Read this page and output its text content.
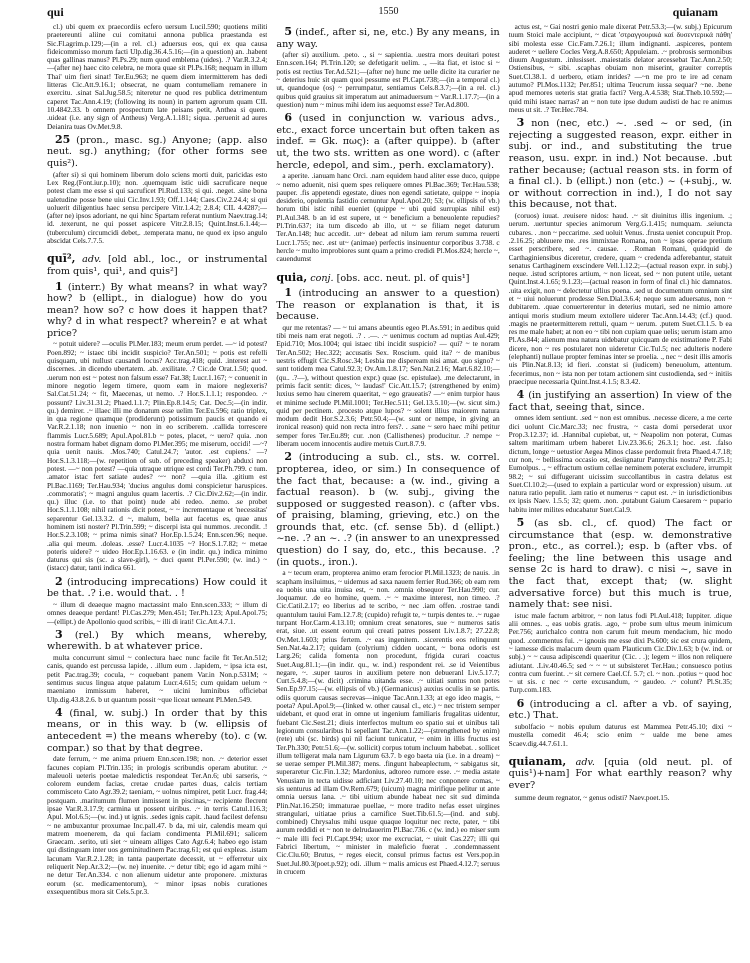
qui	1550	quianam

cl.) ubi quem ex praecordiis ecfero uersum Lucil.590; quotiens militi praetereunti aliine cui comitatui annona publica praestanda est Sic.Fl.agrim.p.129;—(in a rel. cl.) aduersus eos, qui ex qua causa fideicommisso morum facti Ulp.dig.36.4.5.16;—(in a question) an. .habent quas gallinas manus? Pl.Ps.29; num quod emblema (uides). .? Var.R.3.2.4;—(after ne) haec cito celebra, ne mora quae sit Pl.Ps.168; nequam in illum Thai' uim fieri sinat! Ter.Eu.963; ne quem diem intermitterem has dedi litteras Cic.Att.9.16.1; obsecrat, ne quam contumeliam remanere in exercitu. .sinat Sal.Jug.58.5; niteretur ne quod res publica detrimentum caperet Tac.Ann.4.19; (following its noun) in partem agrorum quam CIL 10.4842.33. b omnem prospectum late peisans petit, Anthea si quem. .uideat (i.e. any sign of Antheus) Verg.A.1.181; siqua. .peruenit ad aures Deianira tuas Ov.Met.9.8.

25 (pron., masc. sg.) Anyone; (app. also neut. sg.) anything; (for other forms see quis²).

(after si) si qui hominem liberum dolo sciens morti duit, paricidas esto Lex Reg.(Font.iur.p.10); non. .quemquam istic uidi sacruficare neque potest clam me esse si qui sacruficet Pl.Rud.133; si qui. .neget. .sine bona ualetudine posse bene uiui Cic.Inv.1.93; Off.1.144; Caes.Civ.2.24.4; si qui uoluerit diligentius haec sensu percipere Vitr.1.4.2; 2.8.4; CIL 4.4287;—(after ne) ipsos adoriant, ne qui hinc Spartam referat nuntium Naev.trag.14; id. .texerunt, ne qui posset aspicere Vitr.2.8.15; Quint.Inst.6.1.44;—(tuberculum) circumcidi debet,. .temperata manu, ne quod ex ipso angulo abscidat Cels.7.7.5.

quī², adv. [old abl., loc., or instrumental from quis¹, qui¹, and quis²]

1 (interr.) By what means? in what way? how? b (ellipt., in dialogue) how do you mean? how so? c how does it happen that? why? d in what respect? wherein? e at what price?

~ potuit uidere? —oculis Pl.Mer.183; meum erum perdet. —~ id potest? Poen.892; ~ istaec tibi incidit suspicio? Ter.An.501; ~ potis est refelli quisquam, ubi nullust causandi locus? Acc.trag.418; quid. .interest aut ~ discernes. .in dicendo ubertatem. .ab. .exilitate. .? Cic.de Orat.1.50; quod. .uerum non est ~ potest non falsum esse? Fat.38; Lucr.1.167; ~ conuenit in minore negotio legem timere, quom eam in maiore neglexeris? Sal.Cat.51.24; ~ fit, Maecenas, ut nemo. .? Hor.S.1.1.1; respondeo. .~ possunt? Liv.31.31.2; Phaed.1.1.7; Plin.Ep.8.14.5; Cat. Dec.5;—(in indir. qu.) demirer. .~ illaec illi me donatum esse uelim Ter.Eu.596; ratio triplex, in qua regione quamque (prodiderunt) potissimum paucis et quando ei Var.R.2.1.18; non inuenio ~ non in eo scriberem. .callida torrescere flammis Lucr.5.689; Apul.Apol.81.b ~ potes, placet, ~ uero? quia. .non nostra formam habet dignam domo Pl.Mer.395; me miserum, occidi! —~? quia uenit nauis. .Mos.740; Catul.24.7; 'autor. .est cupiens.' —? Hor.S.1.3.118;—(w. repetition of sub. of preceding speaker) abduxi non potest. —~ non potest? —quia utraque utrique est cordi Ter.Ph.799. c tum. .amator istac fert satiate audes? ~~ non? —quia illa. .gitium est Pl.Bac.1169; Ter.Hau.934; 'ducius angulus domi conspicietur haruspices. .commoratis'; ~ magni angulus quam lacertis. .? Cic.Div.2.62;—(in indir. qu.) illuc (i.e. to that point) nude abi redeo. .nemo. .se probet Hor.S.1.1.108; nihil rationis dicit potest, ~ ~ incrementaque et 'necessitas' separentur Gel.13.3.2. d ~, malum, bella aut facetus es, quae anus hominem isti noster? Pl.Trin.599; ~ discerpi ista qui nummos. .recondit. .! Hor.S.2.3.108; ~ prima nimis sinat? Hor.Ep.1.5.24; Enn.scen.96; neque. .alia qui meum. .doleas. .esse? Lucr.4.1035 ~? Hor.S.1.7.82; ~ metae poteris uidere? ~ uideo Hor.Ep.1.16.63. e (in indir. qu.) indica minimo daturus qui sis (sc. a slave-girl), ~ duci quent Pl.Per.590; (w. ind.) ~ (istacc) datur, tanti indica 661.

2 (introducing imprecations) How could it be that. .? i.e. would that. . !

~ illum di deaeque magno mactassint malo Enn.scen.333; ~ illum di omnes deaeque perdant! Pl.Cas.279; Men.451; Ter.Ph.123; Apul.Apol.75;—(ellipt.) de Apollonio quod scribis, ~ illi di irati! Cic.Att.4.7.1.

3 (rel.) By which means, whereby, wherewith. b at whatever price.

multa concurrunt simul ~ conlectura haec nunc facile fit Ter.An.512; canis, quando est percussa lapide, . .illum eum . .lapidem, ~ ipsa icta est, petit Pac.trag.39; cocula, ~ coquebant panem Var.in Non.p.531M; ~ sentimus sucus lingua atque palatum Lucr.4.615; cum quidam uelum ~ maeniano immissum haberet, ~ uicini luminibus officiebat Ulp.dig.43.8.2.6. b ut quantum possit ~que liceat ueneant Pl.Men.549.

4 (final, w. subj.) In order that by this means, or in this way. b (w. ellipsis of antecedent =) the means whereby (to). c (w. compar.) so that by that degree.

date ferrum, ~ me anima priuem Enn.scen.198; non. .~ deterior esset facunes copiam Pl.Trin.135; in prologis scribundis operam abutitur. .~ maleuoli ueteris poetae maledictis respondeat Ter.An.6; ubi sarseris, ~ colorem eundem facias, cretae crudae partes duas, calcis tertiam commisceto Cato Agr.39.2; taeniam, ~ uolnus nimpiret, petit Lucr. frag.44; postquam. .maritumum flumen inmissent in piscinas,~ recipiente flecrent ipsae Var.R.3.17.9; carmina ut possent uiribus. .~ in terris Catul.116.3; Apul. Mol.6.5;—(w. ind.) ut ignis. .sedes ignis capit. .haud facilest defensu ~ ne ambuxantur proxumae Inc.pall.47. b da, mi uir, calendis meam qui matrem moenerem, da qui faciam condimenta Pl.Mil.691; salicem Graecam. .serito, uti siet ~ uineam alliges Cato Agr.6.4; habeo ego istam qui distinguam inter uos geminitudinem Pac.trag.61; est qui expleas. .istam lacunam Var.R.2.1.28; in tanta paupertate decessit, ut ~ efferretur uix reliquerit Nep.Ar.3.2;—(w. ne) inuenite. .~ detur tibi; ego id agam mihi ~ ne detur Ter.An.334. c non alienum uidetur ante proponere. .mixturas eorum (sc. medicamentorum), ~ minor ipsas nobis curationes exsequentibus mora sit Cels.5.pr.3.

5 (indef., after si, ne, etc.) By any means, in any way.

(after si) auxilium. .peto. ., si ~ sapientia. .uestra mors deuitari potest Enn.scen.164; Pl.Trin.120; se defetigarit uelim. ., —ita fiat, et istoc si ~ potis est rectius Ter.Ad.521;—(after ne) hunc me uelle dicite ita curarier ne ~ deterius huic sit quam quoi pessume est Pl.Capt.738;—(in a temporal cl.) ut, quandoque (os) ~ perrumpatur, sentiamus Cels.8.3.7;—(in a rel. cl.) quibus quid grauius sit imperatum aut animaduersum ~ Var.R.1.17.7;—(in a question) num ~ minus mihi idem ius aequomst esse? Ter.Ad.800.

6 (used in conjunction w. various advs., etc., exact force uncertain but often taken as indef. = Gk. πως): a (after quippe). b (after ut, the two sts. written as one word). c (after hercle, edepol, and sim., perh. exclamatory).

a aperite. .ianuam hanc Orci. .nam equidem haud aliter esse duco, quippe ~ nemo aduenit, nisi quem spes reliquere omnes Pl.Bac.369; Ter.Hau.538; pauper. .fis appetendi egestate, diues non egendi satietate, quippe ~ inopia desiderio, opulentia fastidio cernuntur Apul.Apol.20; 53; (w. ellipsis of vb.) horum tibi istic nihil eueniet (quippe ~ ubi quid surrupias nihil est) Pl.Aul.348. b an id est supere, ut ~ beneficium a beneuolente repudies? Pl.Trin.637; ita tum discedo ab illo, ut ~ se filiam neget daturum Ter.An.148; huc accedit. .ut~ debeat ad nilum iam rerum summa reuerti Lucr.1.755; nec. .est ut~ (animae) perfectis insinuentur corporibus 3.738. c hercle ~ multo improbiores sunt quam a primo credidi Pl.Mos.824; hercle ~, cauendumst

quia, conj. [obs. acc. neut. pl. of quis¹]

1 (introducing an answer to a question) The reason or explanation is that, it is because.

qur me retentas? — ~ tui amans abeuntis egeo Pl.As.591; in aedibus quid tibi meis nam erat negoti. .? . .—. .~ uenimus coctum ad nuptias Aul.429; Epid.710; Mos.1004; qui istaec tibi incidit suspicio? — qui? ~ te noram Ter.An.502; Hec.322; accusatis Sex. Roscium. quid ita? ~ de manibus uestris effugit Cic.S.Rosc.34; Lesbia me dispeream nisi amat. quo signo? ~ sunt totidem mea Catul.92.3; Ov.Am.1.8.17; Sen.Nat.2.16; Mart.6.82.10;—(qu.. .?—), without question expr.) quae (sc. epistulae). .me delectarunt, in primis facit sentit: dices, '~ laudas!' Cic.Att.15.7; (strengthened by enim) luxius semo hau cinerem quaeritat, ~ ego graueatis? —~ enim turpior haus et minime seclude Pl.Mil.1001; Ter.Hec.511; Gel.13.5.10;—(w. sicut sim.) quid per pectinem. .procesto atque lupos? ~ solent illius maiorem natura modum dedit Hor.S.2.3.6; Petr.50.4;—(w. sunt or nempe, in giving an ironical reason) quid non recta intro fers?. . .sane ~ sero haec mihi petitur semper fores Ter.Eu.89; cur. .non (Callisthenes) producitur. .? nempe ~ liberam uocem innocentis audire metuis Curt.8.7.9.

2 (introducing a sub. cl., sts. w. correl. propterea, ideo, or sim.) In consequence of the fact that, because: a (w. ind., giving a factual reason). b (w. subj., giving the supposed or suggested reason). c (after vbs. of praising, blaming, grieving, etc.) on the grounds that, etc. (cf. sense 5b). d (ellipt.) ~ne. .? an ~. .? (in answer to an unexpressed question) do I say, do, etc., this because. .? (in quots., iron.).

a ~ tecum eram, propterea animo eram ferocior Pl.Mil.1323; de nauis. .in scapham insiluimus, ~ uidemus ad saxa nauem ferrier Rud.366; ob eam rem ea uobis una uita inuisa est, ~ non. .omnia obsequor Ter.Hau.990; cur. .loquamur. .de eo homine, quem. .~ ~ maxime interest, non timeo. .? Cic.Catil.2.17; eo liberius ad te scribo, ~ nec .iam offen. .rostrae tandi quantulum tauiui Fam.12.7.8; (cupido) refugit te, ~ turpis dentes te. .~ rugae turpant Hor.Carm.4.13.10; omnium creat senatores, sue ~ numeros satis erat, siue. .ut essent eorum qui creati patres possent Liv.1.8.7; 27.22.8; Ov.Met.1.603; prius fertem. .~ eas ingenitem. .sicerentis eos relinquunt Sen.Nat.4a.2.17; quidam (colyrium) cidden uocant, ~ bona odoris est Larg.26; calida fomenta non procedunt, frigida curari coactus Suet.Aug.81.1;—(in indir. qu., w. ind.) respondent rei. .se id Veientibus negare, ~. .super tauros in auxilium petere non debueranl Liv.5.17.7; Curt.5.4.8;—(w. dicit) .crimina uitanda esse. .~ uitiati suntus non potes Sen.Ep.97.15;—(w. ellipsis of vb.) (Germanicus) auxius oculis in se partis. odiis quorum causas secrevas—inique Tac.Ann.1.33; at ego ideo magis, ~ poeta? Apul.Apol.9;—(linked w. other causal cl., etc.) ~ nec tristem semper uidebant, et quod erat in omne ut ingenium familiaris frugalitas uidentur, fuebant Cic.Sest.21; diuis interfectos multum eo spatio sui et uinibus tali legionum consularibus hi sepellant Tac.Ann.1.22;—(strengthened by enim) (rete) ubi (sc. birds) qui nil faciunt tunicatur, ~ enim in illis fructus est Ter.Ph.330; Petr.51.6;—(w. sollicit) corpus totum incluum habebat. . sollicet illum telligerat mala nam Ligurum 63.7. b ego baeta uia (i.e. in a dream) ~ se uerae semper Pl.Mil.387; mens. .fingunt habeaplectum, ~ sabigatus sit, superaretur Cic.Fin.1.32; Mardonius, adtoreo rumore esse. .~ media astate Venusiam in tecta uidisse adficiant Liv.27.40.10; nec conponere comas, ~ sis uenturus ad illam Ov.Rem.679; (uicum) magna mirifique pelitur ut ante omnia uersus lana. .~ tibi uitium abunde habeat nec sit sud diminda Plin.Nat.16.250; immaturae puellae, ~ more tradito nefas esset uirgines strangulari, uitiatae prius a carnifice Suet.Tib.61.5;—(ind. and subj. combined) Chrysalus mihi usque quaque loquitur nec recte, pater, ~ tibi aurum reddidi et ~ non te delrudauerim Pl.Bac.736. c (w. ind.) eo miser sum ~ male illi feci Pl.Capt.994; uxor me excruciat, ~ uiuit Cas.227; illi qui Fabrici libertum, ~ minister in maleficio fuerat . .condemnassent Cic.Clu.60; Brutus, ~ reges eiecit, consul primus factus est Vers.pop.in Suet.Jul.80.3(poet.p.92); odi. .illum ~ malis amicus est Phaed.4.12.7; seruus in crucem

actus est, ~ Gai nostri genio male dixerat Petr.53.3;—(w. subj.) Epicurum tuum Stoici male accipiunt, ~ dicat 'στραγγουρικά καί δυσεντερικά πάθη' sibi molesta esse Cic.Fam.7.26.1; illum indignanti. .aspiceres, pontem auderet ~ uellere Cocles Verg.A.8.650; Appuleiam. .~ probrosis sermonibus diuum Augustum. .inlusisset. .maiestatis delator arcessebat Tac.Ann.2.50; Ostiensibus, ~ sibi. .scaphas obuiam non miserint, grauiter correptis Suet.Cl.38.1. d uerbero, etiam inrides? —~n me pro te ire ad cenam autumo? Pl.Mos.1132; Per.851; ultima Teucrum iussa sequar? ~ne. .bene apud memores ueteris stat gratia facti? Verg.A.4.538; Stat.Theb.10.592;—quid mihi istaec narras? an ~ non tute ipse dudum audisti de hac re animus meus ut sit. .? Ter.Hec.784.

3 non (nec, etc.) ~. .sed ~ or sed, (in rejecting a suggested reason, expr. either in subj. or ind., and substituting the true reason, usu. expr. in ind.) Not because. .but rather because; (actual reason sts. in form of a final cl.). b (ellipt.) non (etc.) ~ (+subj., w. or without correction in ind.), I do not say this because, not that.

(coruos) iuuat. .reuisere nidos: haud. .~ sit diuinitus illis ingenium. .; uerum. .uertuntur species animorum Verg.G.1.415; numquam. .seiuncta cubares. . .non ~ peccarime. .sed uoluit Venus. .frusta ueniet concupuit Prop. .2.16.25; abluuere me. .res immixtae Romana, non ~ ipsas operae pretium esset perscribere, sed ~. causae. . .Roman Romani, quidquid de Carthaginiensibus diceretur, credere, quam ~ credenda adferebantur, statuit senatus Carthaginem exscindere Vell.1.12.2;—(actual reason expr. in subj.) neque. .istud scriptores artium, ~ non liceat, sed ~ non putent utile, uetant Quint.Inst.4.1.65; 9.1.23;—(actual reason in form of final cl.) hic damnatos. .uita exigit, non ~ delectetur ullius poena. .sed ut documentum omnium sint et ~ uiui noluerunt prodesse Sen.Dial.3.6.4; neque sum aduersatus, non ~ dubitarem. .quae conuerterentur in deterius mutari, sed ne nimio amore antiqui moris studium meum extollere uiderer Tac.Ann.14.43; (cf.) quod. .magis ne praetermitterem rettuli, quam ~ uerum. .putem Suet.Cl.1.5. b ea res me male habet; at non eo ~ tibi non cupiam quae uelis; uerum istam amo Pl.As.844; alienum mea natura uidebatur quicquam de existimatione P. Fabi dicere, non ~ res postularet non uideretur Cic.Tul.5; nec adulteris nodere (elephanti) nullaue propter feminas inter se proelia. ., nec ~ desit illis amoris uis Plin.Nat.8.13; id fieri. .constat si (iudicem) beneuolum, attentum. .fecerimus, non ~ ista non per totam actionem sint custodienda, sed ~ initiis praecipue necessaria Quint.Inst.4.1.5; 8.3.42.

4 (in justifying an assertion) In view of the fact that, seeing that, since.

omnes idem sentiunt. .sed ~ non est omnibus. .necesse dicere, a me certe dici uolunt Cic.Marc.33; nec frustra, ~ casta domi persederat uxor Prop.3.12.37; id. .Hannibal cupiebat, ut, ~ Neapolim non poterat, Cumas saltem maritimam urbem haberet Liv.23.36.6; 26.3.1; hoc. .est. .falso dictum, longe ~ uetustior Aegea Minos classe perdomuit freta Phaed.4.7.18; cur non, ~ bellissima occasio est, desiignatur Pannychis nostra? Petr.25.1; Eumolpus. ., ~ effractum ostium cellae neminem poterat excludere, irrumpit 98.2; ~ sui diffugerant uicissim succollantibus in castra delatus est Suet.Cl.10.2;—(used to explain a particular word or expression) uisum. .ut natura ratio pepulit. .iam ratio et numerus ~ caput est. .~ in iurisdictionibus ex ipsis Naev. 1.5.5; 32; quem. .non. .putabunt Gaium Caesarem ~ pupario habitu inter milites educabatur Suet.Cal.9.

5 (as sb. cl., cf. quod) The fact or circumstance that (esp. w. demonstrative pron., etc., as correl.); esp. b (after vbs. of feeling; the line between this usage and sense 2c is hard to draw). c nisi ~, save in the fact that, except that; (w. slight adversative force) but this much is true, namely that: see nisi.

istuc male factum arbitror, ~ non latus fodi Pl.Aul.418; Iuppiter. .dique alii omnes. ., eas uobis gratis. .ago, ~ probe sum ultus meum inimicum Per.756; aurichalco contra non carum fuit meum mendacium, hic modo quod. .commentus fui. .~ ignouis me esse dixi Ps.600; sic est crura quidem, ~ iamesse dicis malacum deum quam Plauticum Cic.Div.1.63; b (w. ind. or subj.) ~ ~ causa adipiscendi quaeritur (Cic. . .); legem ~ illos non reliquere adiutant. .Liv.40.46.5; sed ~ ~ ~ ut subsisteret Ter.Hau.; consuesco potius contra cum fuerint. .~ sit cernere Cael.Cf. 5.7; cl. ~ non. .potius ~ quod hoc ~ ut sis. c nec ~ certe excusandum, ~ gaudeo. .~ colunt? Pl.St.35; Turp.com.183.

6 (introducing a cl. after a vb. of saying, etc.) That.

subolfacio ~ nobis epulum daturus est Mammea Petr.45.10; dixi ~ mustella comedit 46.4; scio enim ~ ualde me bene ames Scaev.dig.44.7.61.1.

quianam, adv. [quia (old neut. pl. of quis¹)+nam] For what earthly reason? why ever?

summe deum regnator, ~ genus odisti? Naev.poet.15.
